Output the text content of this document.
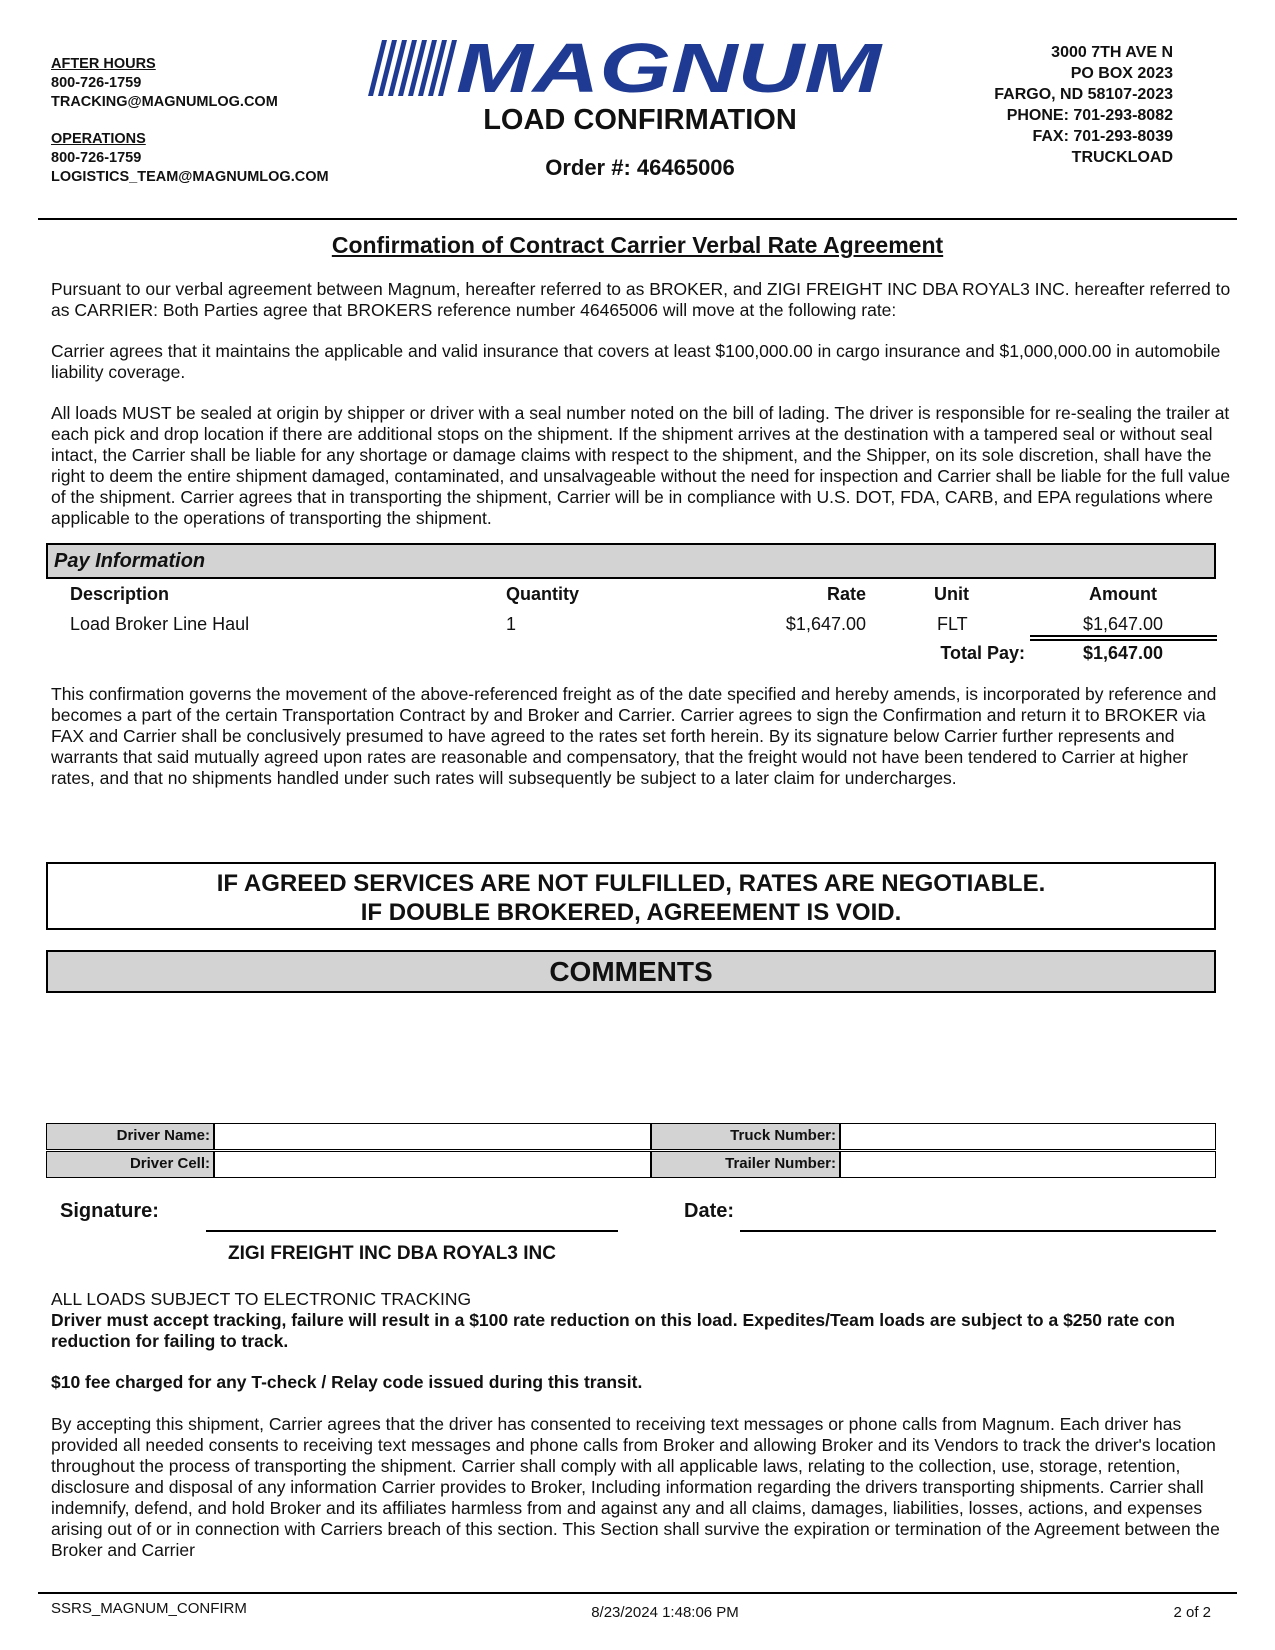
AFTER HOURS
800-726-1759
TRACKING@MAGNUMLOG.COM
OPERATIONS
800-726-1759
LOGISTICS_TEAM@MAGNUMLOG.COM
MAGNUM
LOAD CONFIRMATION
Order #: 46465006
3000 7TH AVE N
PO BOX 2023
FARGO, ND 58107-2023
PHONE: 701-293-8082
FAX: 701-293-8039
TRUCKLOAD
Confirmation of Contract Carrier Verbal Rate Agreement
Pursuant to our verbal agreement between Magnum, hereafter referred to as BROKER, and ZIGI FREIGHT INC DBA ROYAL3 INC. hereafter referred to as CARRIER: Both Parties agree that BROKERS reference number 46465006 will move at the following rate:
Carrier agrees that it maintains the applicable and valid insurance that covers at least $100,000.00 in cargo insurance and $1,000,000.00 in automobile liability coverage.
All loads MUST be sealed at origin by shipper or driver with a seal number noted on the bill of lading. The driver is responsible for re-sealing the trailer at each pick and drop location if there are additional stops on the shipment. If the shipment arrives at the destination with a tampered seal or without seal intact, the Carrier shall be liable for any shortage or damage claims with respect to the shipment, and the Shipper, on its sole discretion, shall have the right to deem the entire shipment damaged, contaminated, and unsalvageable without the need for inspection and Carrier shall be liable for the full value of the shipment. Carrier agrees that in transporting the shipment, Carrier will be in compliance with U.S. DOT, FDA, CARB, and EPA regulations where applicable to the operations of transporting the shipment.
Pay Information
Description	Quantity	Rate	Unit	Amount
Load Broker Line Haul	1	$1,647.00	FLT	$1,647.00
Total Pay:	$1,647.00
This confirmation governs the movement of the above-referenced freight as of the date specified and hereby amends, is incorporated by reference and becomes a part of the certain Transportation Contract by and Broker and Carrier. Carrier agrees to sign the Confirmation and return it to BROKER via FAX and Carrier shall be conclusively presumed to have agreed to the rates set forth herein. By its signature below Carrier further represents and warrants that said mutually agreed upon rates are reasonable and compensatory, that the freight would not have been tendered to Carrier at higher rates, and that no shipments handled under such rates will subsequently be subject to a later claim for undercharges.
IF AGREED SERVICES ARE NOT FULFILLED, RATES ARE NEGOTIABLE.
IF DOUBLE BROKERED, AGREEMENT IS VOID.
COMMENTS
Driver Name:	Truck Number:
Driver Cell:	Trailer Number:
Signature:	Date:
ZIGI FREIGHT INC DBA ROYAL3 INC
ALL LOADS SUBJECT TO ELECTRONIC TRACKING
Driver must accept tracking, failure will result in a $100 rate reduction on this load. Expedites/Team loads are subject to a $250 rate con reduction for failing to track.
$10 fee charged for any T-check / Relay code issued during this transit.
By accepting this shipment, Carrier agrees that the driver has consented to receiving text messages or phone calls from Magnum. Each driver has provided all needed consents to receiving text messages and phone calls from Broker and allowing Broker and its Vendors to track the driver's location throughout the process of transporting the shipment. Carrier shall comply with all applicable laws, relating to the collection, use, storage, retention, disclosure and disposal of any information Carrier provides to Broker, Including information regarding the drivers transporting shipments. Carrier shall indemnify, defend, and hold Broker and its affiliates harmless from and against any and all claims, damages, liabilities, losses, actions, and expenses arising out of or in connection with Carriers breach of this section. This Section shall survive the expiration or termination of the Agreement between the Broker and Carrier
SSRS_MAGNUM_CONFIRM	8/23/2024 1:48:06 PM	2 of 2
